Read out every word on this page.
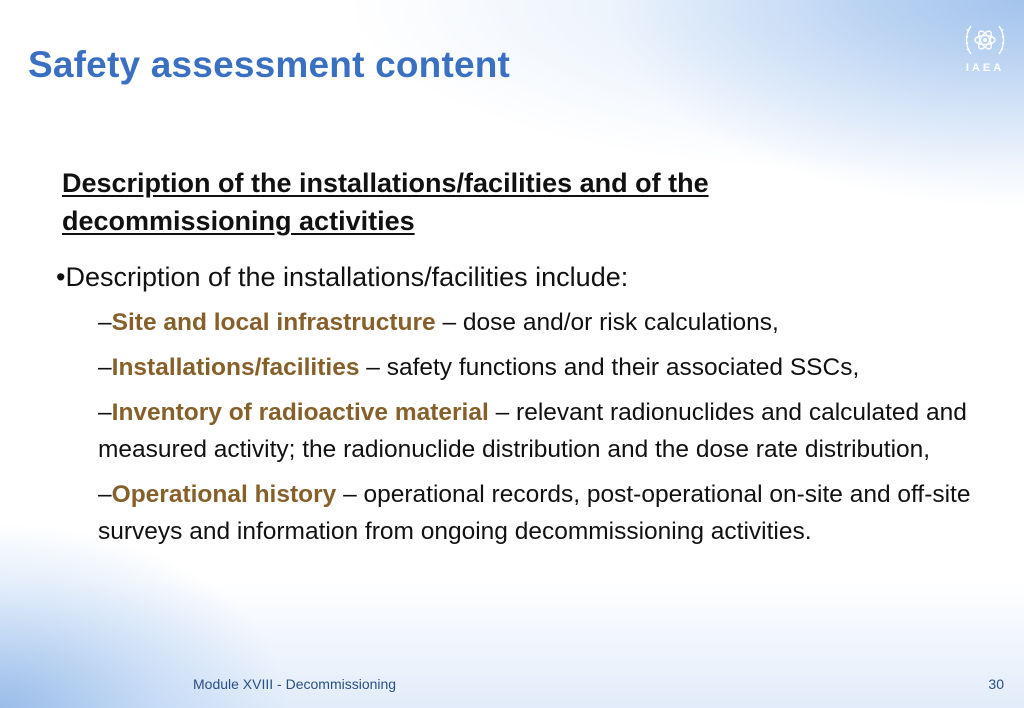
Safety assessment content	IAEA

Description of the installations/facilities and of the decommissioning activities

•Description of the installations/facilities include:

–Site and local infrastructure – dose and/or risk calculations,
–Installations/facilities – safety functions and their associated SSCs,
–Inventory of radioactive material – relevant radionuclides and calculated and measured activity; the radionuclide distribution and the dose rate distribution,
–Operational history – operational records, post-operational on-site and off-site surveys and information from ongoing decommissioning activities.
Module XVIII - Decommissioning	30
